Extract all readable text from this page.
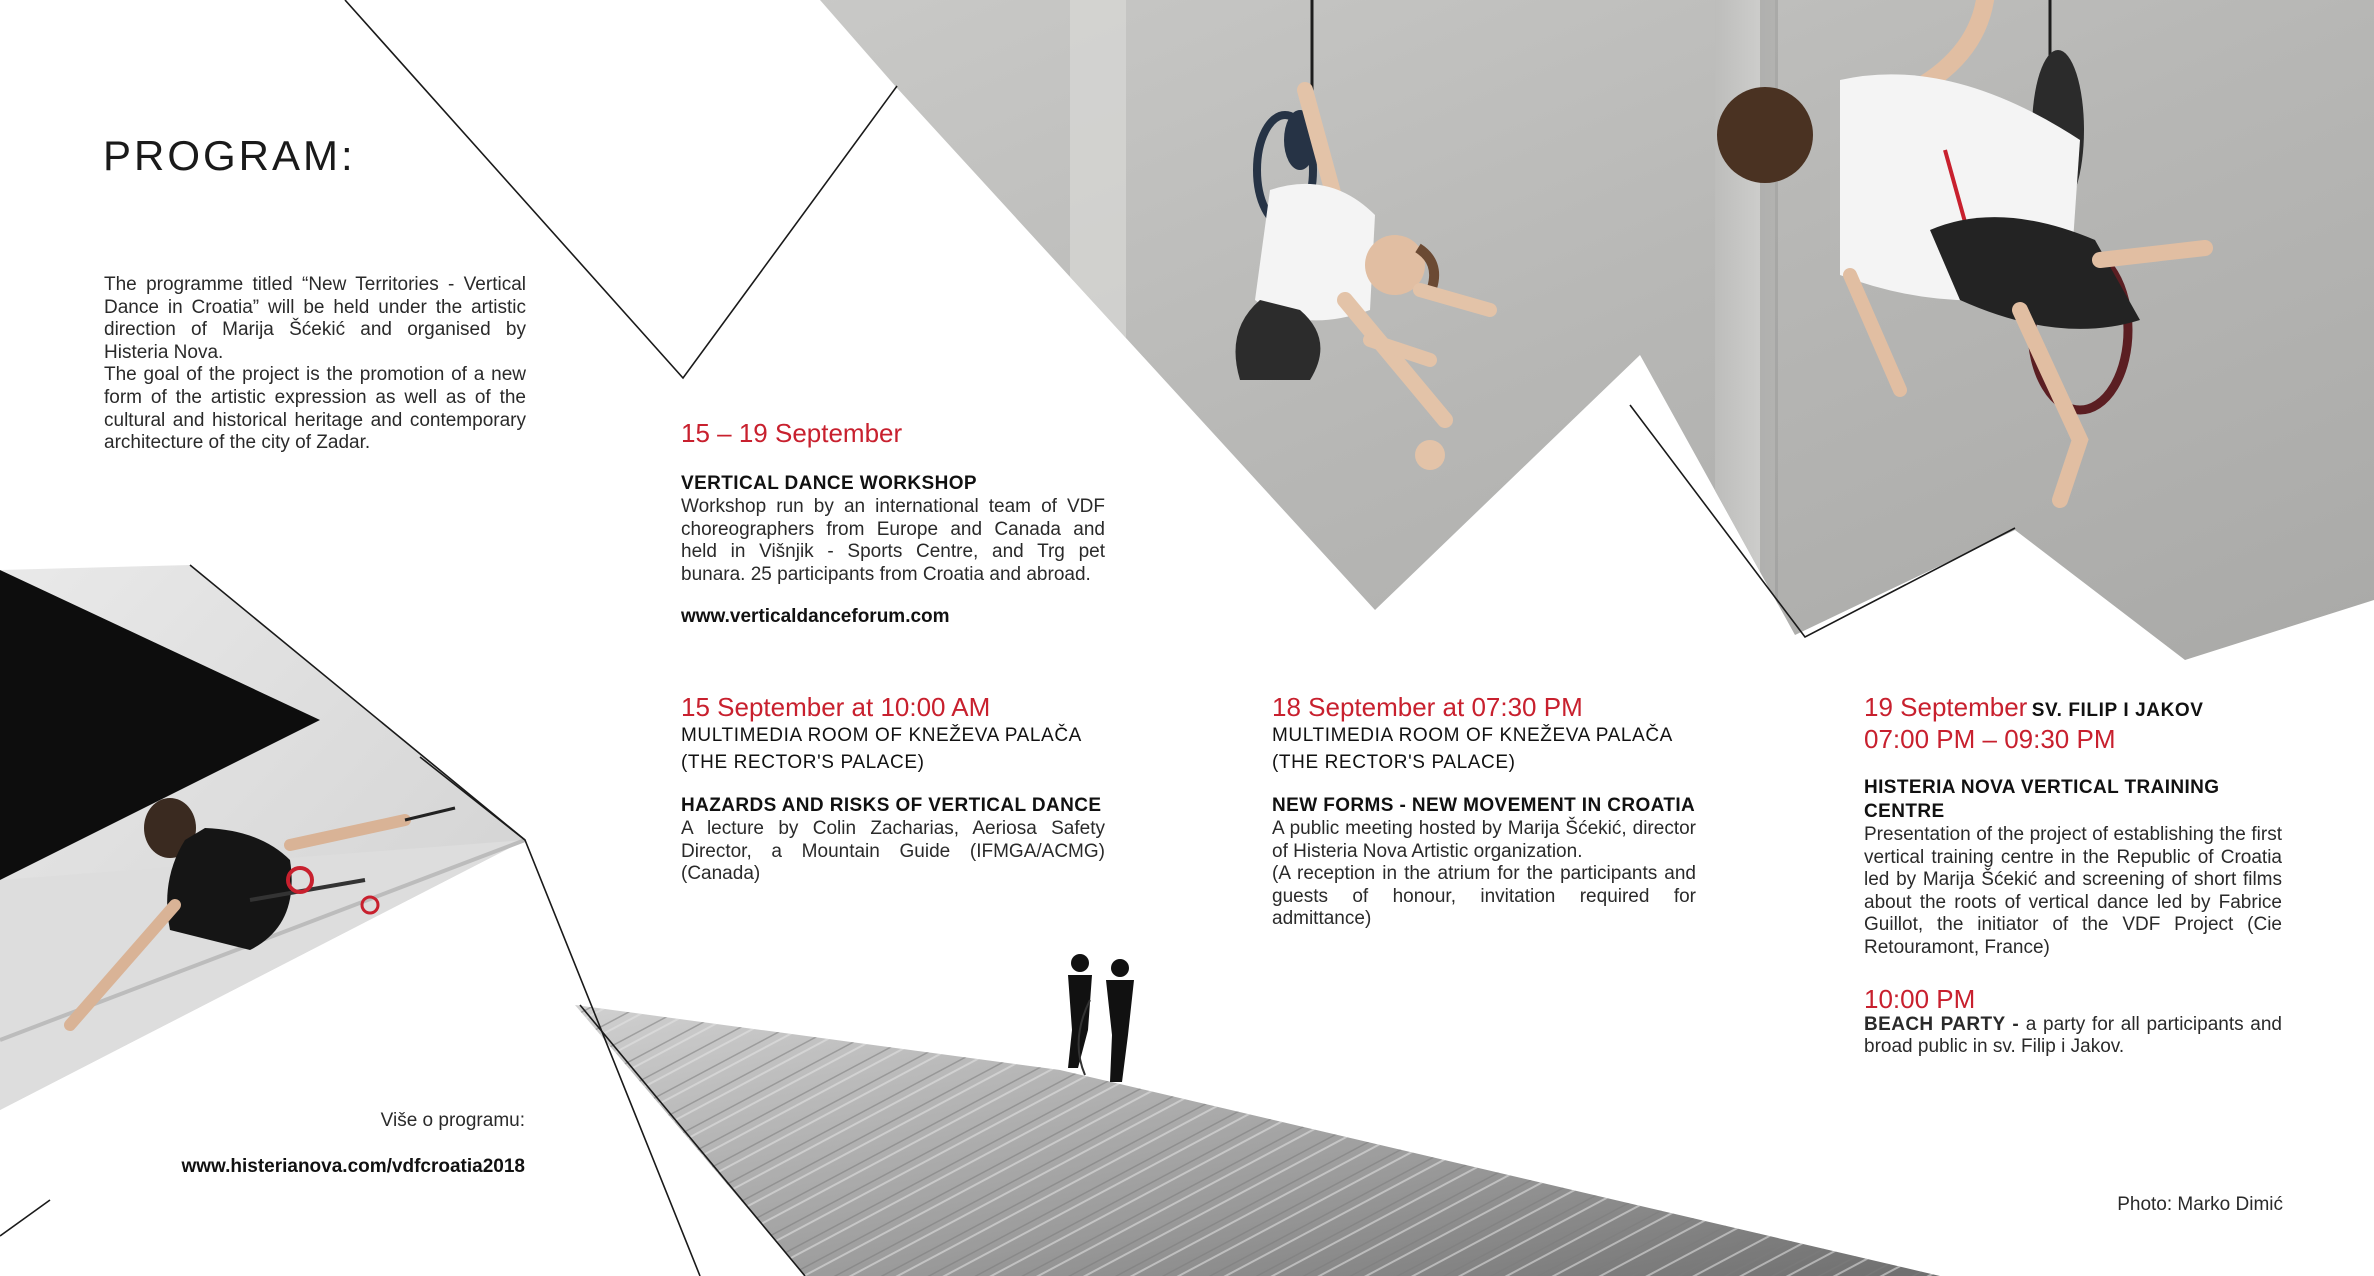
PROGRAM:

The programme titled “New Territories - Vertical Dance in Croatia” will be held under the artistic direction of Marija Šćekić and organised by Histeria Nova.

The goal of the project is the promotion of a new form of the artistic expression as well as of the cultural and historical heritage and contemporary architecture of the city of Zadar.	15 – 19 September
VERTICAL DANCE WORKSHOP
Workshop run by an international team of VDF choreographers from Europe and Canada and held in Višnjik - Sports Centre, and Trg pet bunara. 25 participants from Croatia and abroad.
www.verticaldanceforum.com
15 September at 10:00 AM
MULTIMEDIA ROOM OF KNEŽEVA PALAČA
(THE RECTOR'S PALACE)
HAZARDS AND RISKS OF VERTICAL DANCE
A lecture by Colin Zacharias, Aeriosa Safety Director, a Mountain Guide (IFMGA/ACMG) (Canada)
18 September at 07:30 PM
MULTIMEDIA ROOM OF KNEŽEVA PALAČA
(THE RECTOR'S PALACE)
NEW FORMS - NEW MOVEMENT IN CROATIA
A public meeting hosted by Marija Šćekić, director of Histeria Nova Artistic organization.
(A reception in the atrium for the participants and guests of honour, invitation required for admittance)
19 September SV. FILIP I JAKOV
07:00 PM – 09:30 PM
HISTERIA NOVA VERTICAL TRAINING CENTRE
Presentation of the project of establishing the first vertical training centre in the Republic of Croatia led by Marija Šćekić and screening of short films about the roots of vertical dance led by Fabrice Guillot, the initiator of the VDF Project (Cie Retouramont, France)
10:00 PM
BEACH PARTY - a party for all participants and broad public in sv. Filip i Jakov.
Više o programu:
www.histerianova.com/vdfcroatia2018
Photo: Marko Dimić
